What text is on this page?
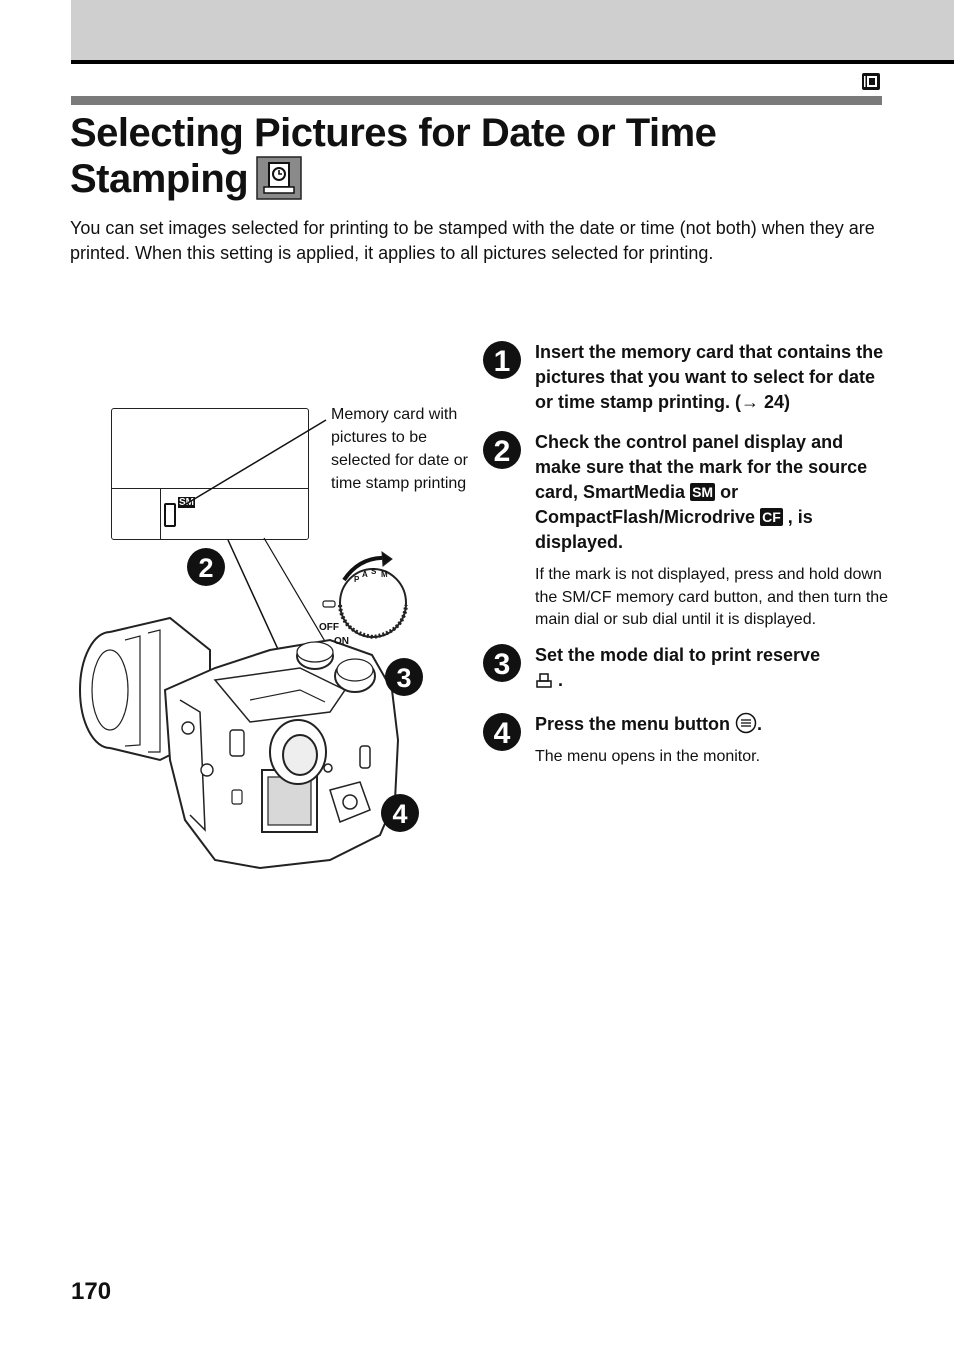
Selecting Pictures for Date or Time Stamping

You can set images selected for printing to be stamped with the date or time (not both) when they are printed. When this setting is applied, it applies to all pictures selected for printing.

SM

Memory card with pictures to be selected for date or time stamp printing

P
A S M
OFF
ON
2
3
4
1 Insert the memory card that contains the pictures that you want to select for date or time stamp printing. (→ 24)

2 Check the control panel display and make sure that the mark for the source card, SmartMedia SM or CompactFlash/Microdrive CF , is displayed.

If the mark is not displayed, press and hold down the SM/CF memory card button, and then turn the main dial or sub dial until it is displayed.

3 Set the mode dial to print reserve
.

4 Press the menu button .

The menu opens in the monitor.

170
